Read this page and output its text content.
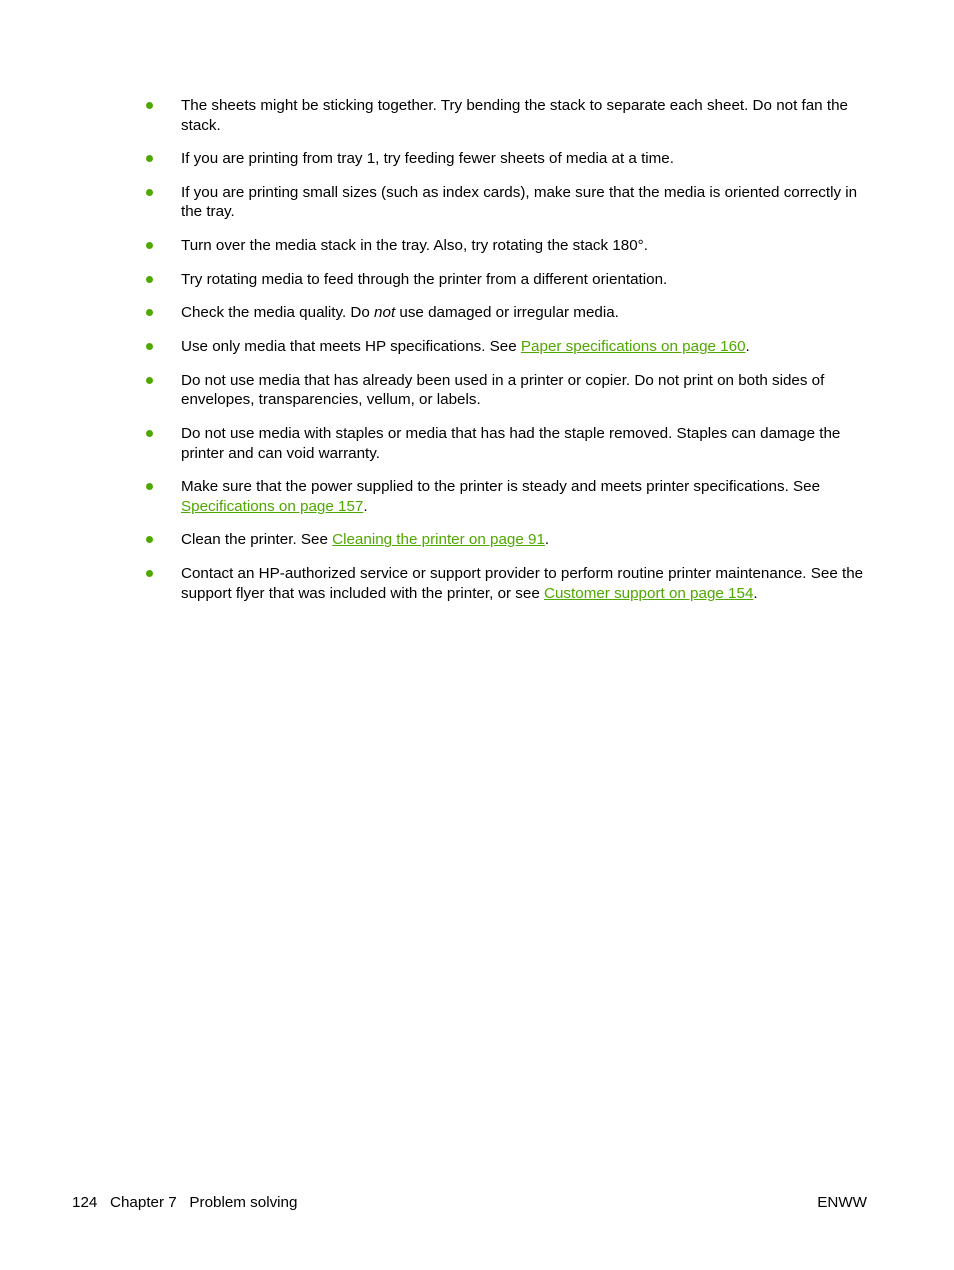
The sheets might be sticking together. Try bending the stack to separate each sheet. Do not fan the stack.
If you are printing from tray 1, try feeding fewer sheets of media at a time.
If you are printing small sizes (such as index cards), make sure that the media is oriented correctly in the tray.
Turn over the media stack in the tray. Also, try rotating the stack 180°.
Try rotating media to feed through the printer from a different orientation.
Check the media quality. Do not use damaged or irregular media.
Use only media that meets HP specifications. See Paper specifications on page 160.
Do not use media that has already been used in a printer or copier. Do not print on both sides of envelopes, transparencies, vellum, or labels.
Do not use media with staples or media that has had the staple removed. Staples can damage the printer and can void warranty.
Make sure that the power supplied to the printer is steady and meets printer specifications. See Specifications on page 157.
Clean the printer. See Cleaning the printer on page 91.
Contact an HP-authorized service or support provider to perform routine printer maintenance. See the support flyer that was included with the printer, or see Customer support on page 154.
124 Chapter 7 Problem solving	ENWW
